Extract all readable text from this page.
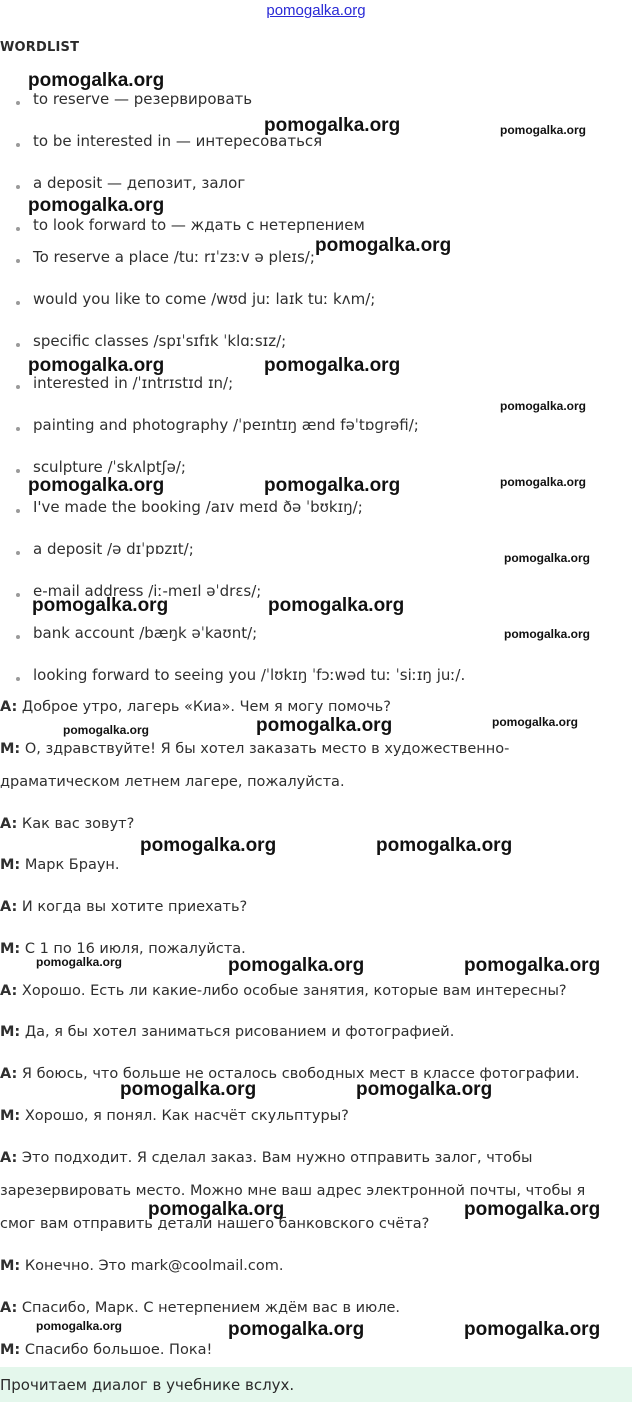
pomogalka.org
WORDLIST
to reserve — резервировать
to be interested in — интересоваться
a deposit — депозит, залог
to look forward to — ждать с нетерпением
To reserve a place /tuː rɪˈzɜːv ə pleɪs/;
would you like to come /wʊd juː laɪk tuː kʌm/;
specific classes /spɪˈsɪfɪk ˈklɑːsɪz/;
interested in /ˈɪntrɪstɪd ɪn/;
painting and photography /ˈpeɪntɪŋ ænd fəˈtɒɡrəfi/;
sculpture /ˈskʌlptʃə/;
I've made the booking /aɪv meɪd ðə ˈbʊkɪŋ/;
a deposit /ə dɪˈpɒzɪt/;
e-mail address /iː-meɪl əˈdrɛs/;
bank account /bæŋk əˈkaʊnt/;
looking forward to seeing you /ˈlʊkɪŋ ˈfɔːwəd tuː ˈsiːɪŋ juː/.
A: Доброе утро, лагерь «Киа». Чем я могу помочь?
M: О, здравствуйте! Я бы хотел заказать место в художественно-
драматическом летнем лагере, пожалуйста.
A: Как вас зовут?
M: Марк Браун.
A: И когда вы хотите приехать?
M: С 1 по 16 июля, пожалуйста.
A: Хорошо. Есть ли какие-либо особые занятия, которые вам интересны?
M: Да, я бы хотел заниматься рисованием и фотографией.
A: Я боюсь, что больше не осталось свободных мест в классе фотографии.
M: Хорошо, я понял. Как насчёт скульптуры?
A: Это подходит. Я сделал заказ. Вам нужно отправить залог, чтобы
зарезервировать место. Можно мне ваш адрес электронной почты, чтобы я
смог вам отправить детали нашего банковского счёта?
M: Конечно. Это mark@coolmail.com.
A: Спасибо, Марк. С нетерпением ждём вас в июле.
M: Спасибо большое. Пока!
pomogalka.org
pomogalka.org	pomogalka.org
pomogalka.org
pomogalka.org
pomogalka.org	pomogalka.org
pomogalka.org
pomogalka.org	pomogalka.org	pomogalka.org
pomogalka.org
pomogalka.org	pomogalka.org
pomogalka.org
pomogalka.org	pomogalka.org	pomogalka.org
pomogalka.org	pomogalka.org
pomogalka.org	pomogalka.org	pomogalka.org
pomogalka.org	pomogalka.org
pomogalka.org	pomogalka.org
pomogalka.org	pomogalka.org	pomogalka.org
Прочитаем диалог в учебнике вслух.
